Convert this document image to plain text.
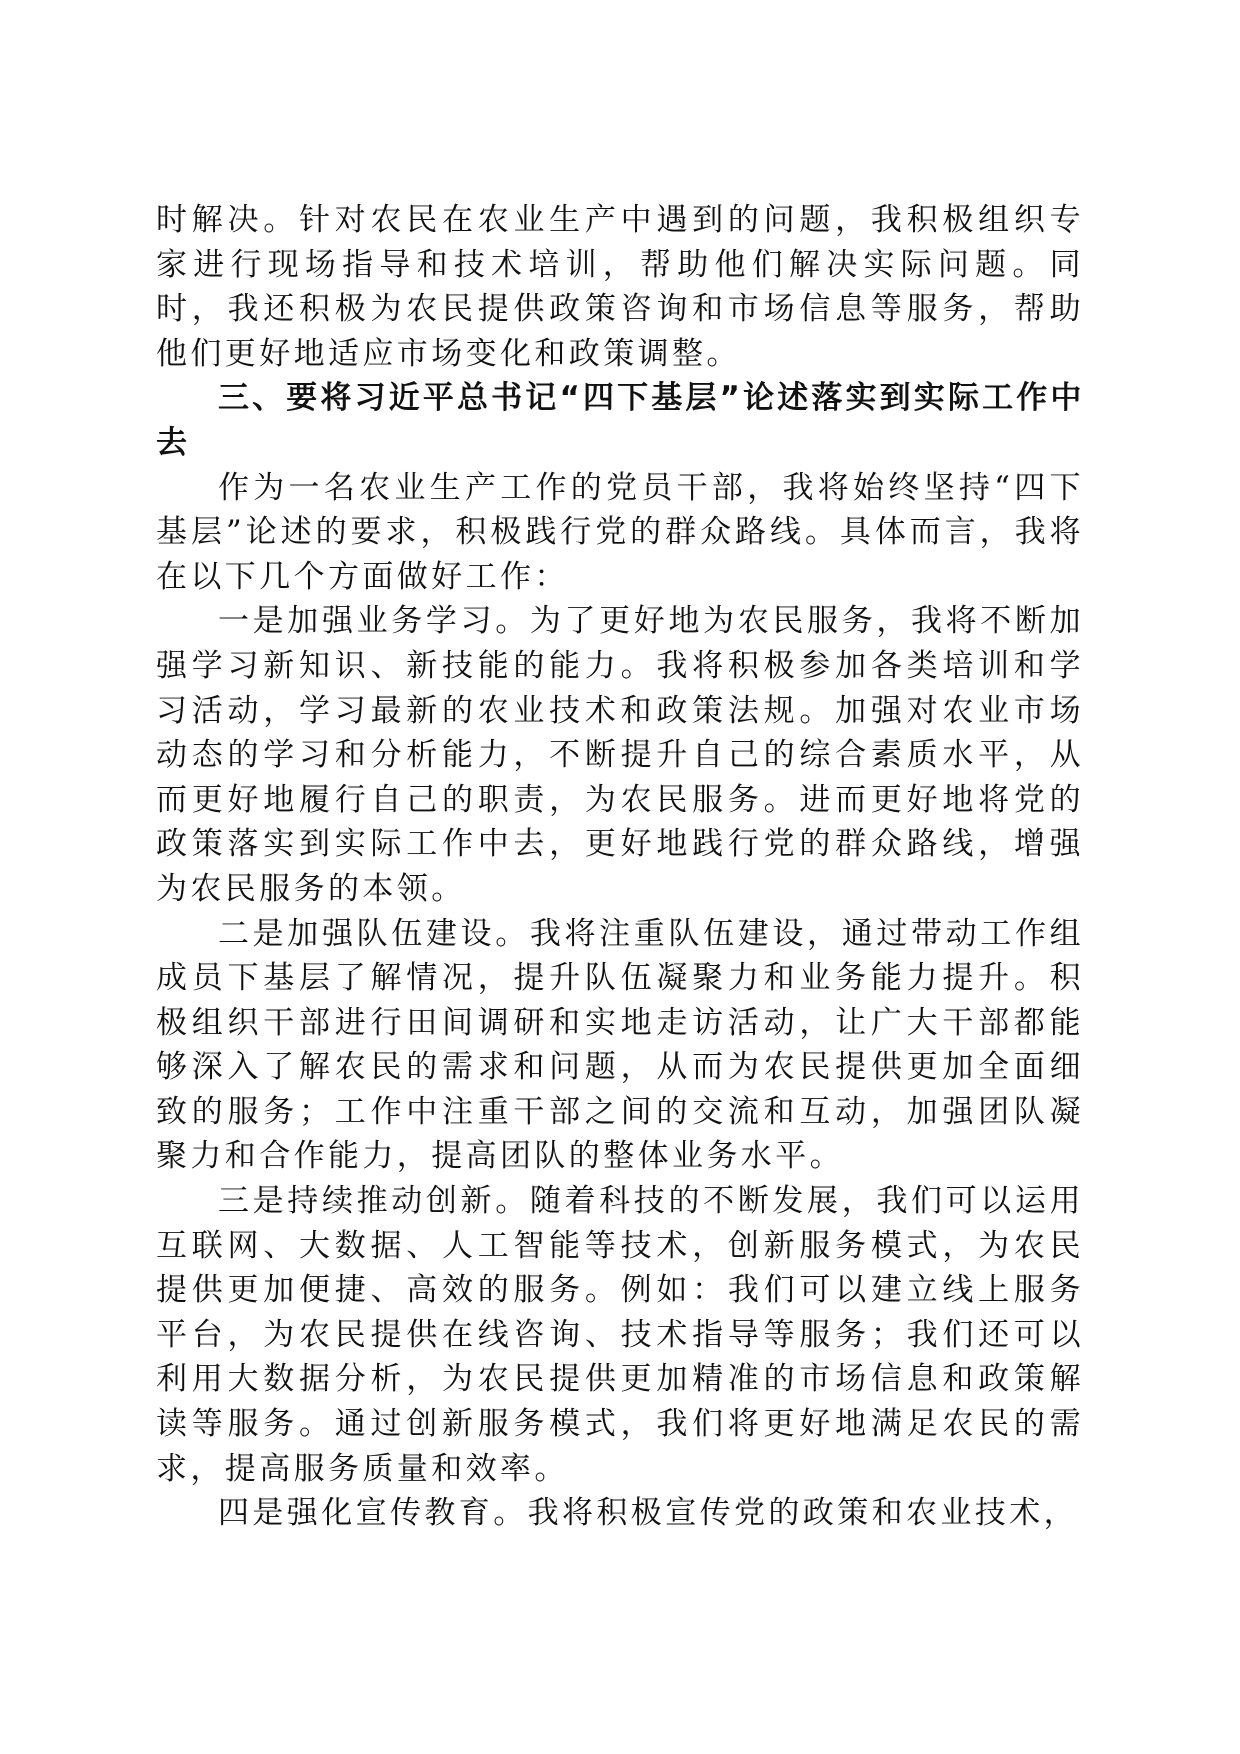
时解决。针对农民在农业生产中遇到的问题，我积极组织专家进行现场指导和技术培训，帮助他们解决实际问题。同时，我还积极为农民提供政策咨询和市场信息等服务，帮助他们更好地适应市场变化和政策调整。

三、要将习近平总书记“四下基层”论述落实到实际工作中去

作为一名农业生产工作的党员干部，我将始终坚持“四下基层”论述的要求，积极践行党的群众路线。具体而言，我将在以下几个方面做好工作：

一是加强业务学习。为了更好地为农民服务，我将不断加强学习新知识、新技能的能力。我将积极参加各类培训和学习活动，学习最新的农业技术和政策法规。加强对农业市场动态的学习和分析能力，不断提升自己的综合素质水平，从而更好地履行自己的职责，为农民服务。进而更好地将党的政策落实到实际工作中去，更好地践行党的群众路线，增强为农民服务的本领。

二是加强队伍建设。我将注重队伍建设，通过带动工作组成员下基层了解情况，提升队伍凝聚力和业务能力提升。积极组织干部进行田间调研和实地走访活动，让广大干部都能够深入了解农民的需求和问题，从而为农民提供更加全面细致的服务；工作中注重干部之间的交流和互动，加强团队凝聚力和合作能力，提高团队的整体业务水平。

三是持续推动创新。随着科技的不断发展，我们可以运用互联网、大数据、人工智能等技术，创新服务模式，为农民提供更加便捷、高效的服务。例如：我们可以建立线上服务平台，为农民提供在线咨询、技术指导等服务；我们还可以利用大数据分析，为农民提供更加精准的市场信息和政策解读等服务。通过创新服务模式，我们将更好地满足农民的需求，提高服务质量和效率。

四是强化宣传教育。我将积极宣传党的政策和农业技术，
